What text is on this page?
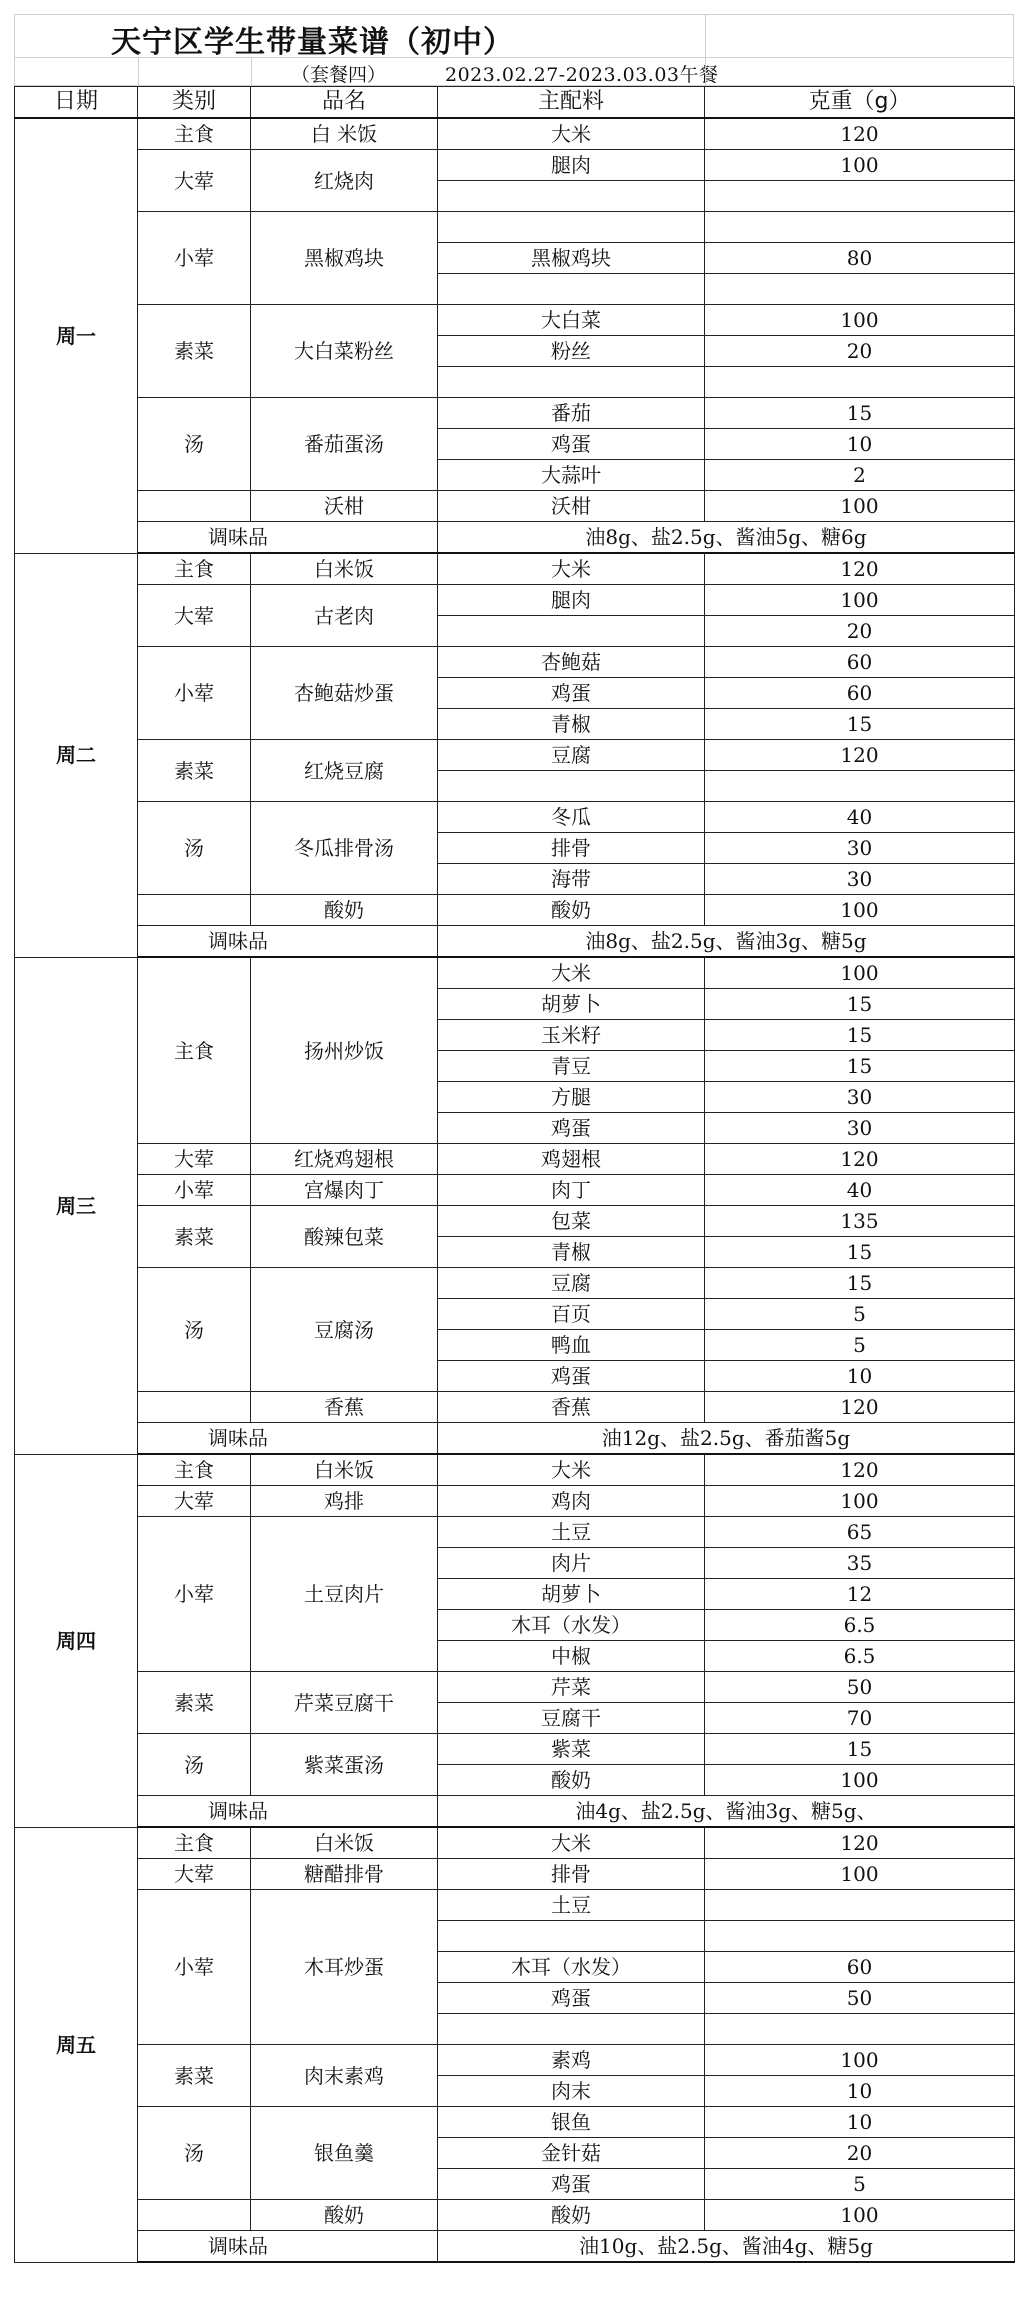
天宁区学生带量菜谱（初中）
（套餐四）	2023.02.27-2023.03.03午餐
日期	类别	品名	主配料	克重（g）
周一	主食	白 米饭	大米	120
	大荤	红烧肉	腿肉	100

	小荤	黑椒鸡块		
			黑椒鸡块	80

	素菜	大白菜粉丝	大白菜	100
			粉丝	20

	汤	番茄蛋汤	番茄	15
			鸡蛋	10
			大蒜叶	2
		沃柑	沃柑	100
	调味品		油8g、盐2.5g、酱油5g、糖6g	
周二	主食	白米饭	大米	120
	大荤	古老肉	腿肉	100
				20
	小荤	杏鲍菇炒蛋	杏鲍菇	60
			鸡蛋	60
			青椒	15
	素菜	红烧豆腐	豆腐	120

	汤	冬瓜排骨汤	冬瓜	40
			排骨	30
			海带	30
		酸奶	酸奶	100
	调味品		油8g、盐2.5g、酱油3g、糖5g	
周三	主食	扬州炒饭	大米	100
			胡萝卜	15
			玉米籽	15
			青豆	15
			方腿	30
			鸡蛋	30
	大荤	红烧鸡翅根	鸡翅根	120
	小荤	宫爆肉丁	肉丁	40
	素菜	酸辣包菜	包菜	135
			青椒	15
	汤	豆腐汤	豆腐	15
			百页	5
			鸭血	5
			鸡蛋	10
		香蕉	香蕉	120
	调味品		油12g、盐2.5g、番茄酱5g	
周四	主食	白米饭	大米	120
	大荤	鸡排	鸡肉	100
	小荤	土豆肉片	土豆	65
			肉片	35
			胡萝卜	12
			木耳（水发）	6.5
			中椒	6.5
	素菜	芹菜豆腐干	芹菜	50
			豆腐干	70
	汤	紫菜蛋汤	紫菜	15
			酸奶	100
	调味品		油4g、盐2.5g、酱油3g、糖5g、	
周五	主食	白米饭	大米	120
	大荤	糖醋排骨	排骨	100
	小荤	木耳炒蛋	土豆	

			木耳（水发）	60
			鸡蛋	50

	素菜	肉末素鸡	素鸡	100
			肉末	10
	汤	银鱼羹	银鱼	10
			金针菇	20
			鸡蛋	5
		酸奶	酸奶	100
	调味品		油10g、盐2.5g、酱油4g、糖5g	
